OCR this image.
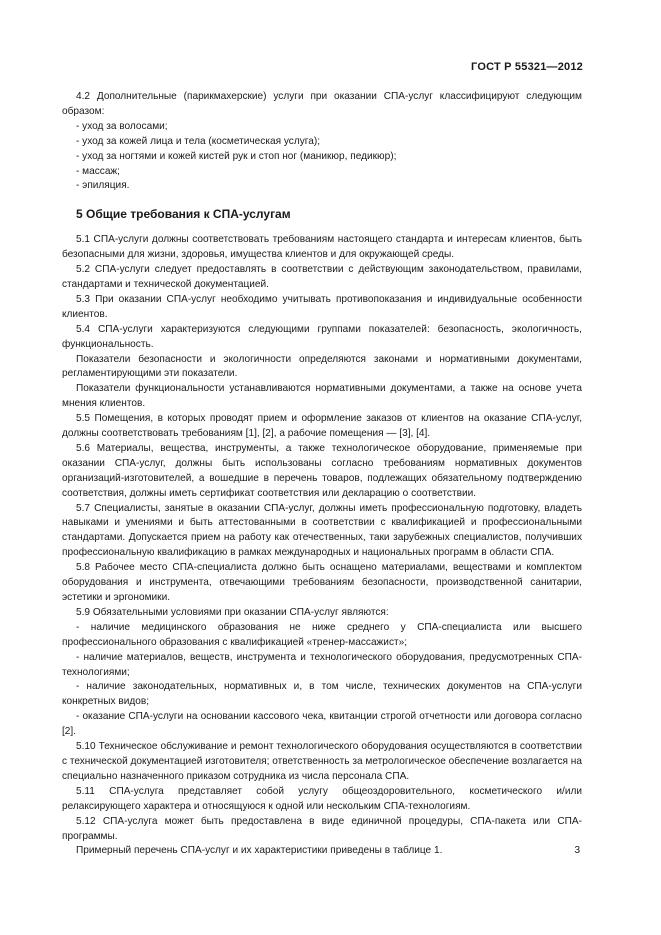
ГОСТ Р 55321—2012

4.2 Дополнительные (парикмахерские) услуги при оказании СПА-услуг классифицируют следующим образом:

- уход за волосами;

- уход за кожей лица и тела (косметическая услуга);

- уход за ногтями и кожей кистей рук и стоп ног (маникюр, педикюр);

- массаж;

- эпиляция.

5 Общие требования к СПА-услугам

5.1 СПА-услуги должны соответствовать требованиям настоящего стандарта и интересам клиентов, быть безопасными для жизни, здоровья, имущества клиентов и для окружающей среды.

5.2 СПА-услуги следует предоставлять в соответствии с действующим законодательством, правилами, стандартами и технической документацией.

5.3 При оказании СПА-услуг необходимо учитывать противопоказания и индивидуальные особенности клиентов.

5.4 СПА-услуги характеризуются следующими группами показателей: безопасность, экологичность, функциональность.

Показатели безопасности и экологичности определяются законами и нормативными документами, регламентирующими эти показатели.

Показатели функциональности устанавливаются нормативными документами, а также на основе учета мнения клиентов.

5.5 Помещения, в которых проводят прием и оформление заказов от клиентов на оказание СПА-услуг, должны соответствовать требованиям [1], [2], а рабочие помещения — [3], [4].

5.6 Материалы, вещества, инструменты, а также технологическое оборудование, применяемые при оказании СПА-услуг, должны быть использованы согласно требованиям нормативных документов организаций-изготовителей, а вошедшие в перечень товаров, подлежащих обязательному подтверждению соответствия, должны иметь сертификат соответствия или декларацию о соответствии.

5.7 Специалисты, занятые в оказании СПА-услуг, должны иметь профессиональную подготовку, владеть навыками и умениями и быть аттестованными в соответствии с квалификацией и профессиональными стандартами. Допускается прием на работу как отечественных, таки зарубежных специалистов, получивших профессиональную квалификацию в рамках международных и национальных программ в области СПА.

5.8 Рабочее место СПА-специалиста должно быть оснащено материалами, веществами и комплектом оборудования и инструмента, отвечающими требованиям безопасности, производственной санитарии, эстетики и эргономики.

5.9 Обязательными условиями при оказании СПА-услуг являются:

- наличие медицинского образования не ниже среднего у СПА-специалиста или высшего профессионального образования с квалификацией «тренер-массажист»;

- наличие материалов, веществ, инструмента и технологического оборудования, предусмотренных СПА-технологиями;

- наличие законодательных, нормативных и, в том числе, технических документов на СПА-услуги конкретных видов;

- оказание СПА-услуги на основании кассового чека, квитанции строгой отчетности или договора согласно [2].

5.10 Техническое обслуживание и ремонт технологического оборудования осуществляются в соответствии с технической документацией изготовителя; ответственность за метрологическое обеспечение возлагается на специально назначенного приказом сотрудника из числа персонала СПА.

5.11 СПА-услуга представляет собой услугу общеоздоровительного, косметического и/или релаксирующего характера и относящуюся к одной или нескольким СПА-технологиям.

5.12 СПА-услуга может быть предоставлена в виде единичной процедуры, СПА-пакета или СПА-программы.

Примерный перечень СПА-услуг и их характеристики приведены в таблице 1.	3
